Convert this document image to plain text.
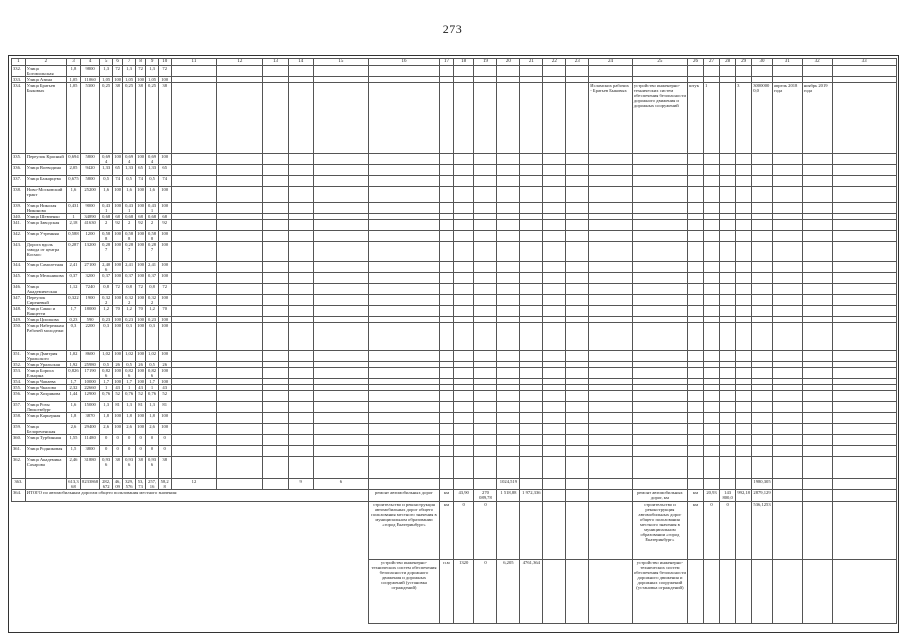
273
1	2	3	4	5	6	7	8	9	10	11	12	13	14	15	16	17	18	19	20	21	22	23	24	25	26	27	28	29	30	31	32	33
332.	Улица Богомольская	1,8	9800	1,3	72	1,3	72	1,3	72																							
333.	Улица Азина	1,05	11060	1,05	100	1,05	100	1,05	100																							
334.	Улица Братьев Быковых	1,05	5300	0,25	38	0,25	38	0,25	38														Исламских рабочих - Братьев Быковых	устройство инженерно-технических систем обеспечения безопасности дорожного движения и дорожных сооружений	штук	1		3	30000000,0	апрель 2018 года	ноябрь 2019 года	
335.	Переулок Красный	0,694	5800	0,694	100	0,694	100	0,694	100																							
336.	Улица Воеводина	2,05	9420	1,33	65	1,33	65	1,33	65																							
337.	Улица Бажарцева	0,675	5800	0,5	74	0,5	74	0,5	74																							
338.	Ново-Московский тракт	1,6	25200	1,6	100	1,6	100	1,6	100																							
339.	Улица Николая Никонова	0,431	9000	0,431	100	0,431	100	0,431	100																							
340.	Улица Шевченко	1	34890	0,68	68	0,68	68	0,68	68																							
341.	Улица Заводская	2,18	41630	2	92	2	92	2	92																							
342.	Улица Утренняя	0,588	1200	0,588	100	0,588	100	0,588	100																							
343.	Дорога вдоль завода от центра Космос	0,287	13200	0,287	100	0,287	100	0,287	100																							
344.	Улица Самолетная	2,41	27100	2,406	100	2,41	100	2,41	100																							
345.	Улица Мельникова	0,37	3200	0,37	100	0,37	100	0,37	100																							
346.	Улица Академическая	1,12	7240	0,8	72	0,8	72	0,8	72																							
347.	Переулок Сиреневый	0,322	1900	0,322	100	0,322	100	0,322	100																							
348.	Улица Сакко и Ванцетти	1,7	18000	1,2	70	1,2	70	1,2	70																							
349.	Улица Циолкова	0,23	590	0,23	100	0,23	100	0,23	100																							
350.	Улица Набережная Рабочей молодежи	0,3	2200	0,3	100	0,3	100	0,3	100																							
351.	Улица Дмитрия Уральского	1,02	8600	1,02	100	1,02	100	1,02	100																							
352.	Улица Уральская	1,92	25980	0,5	26	0,5	26	0,5	26																							
353.	Улица Бориса Ельцина	0,826	17190	0,826	100	0,826	100	0,826	100																							
354.	Улица Чапаева	1,7	10000	1,7	100	1,7	100	1,7	100																							
355.	Улица Чкалова	2,32	22660	1	43	1	43	1	43																							
356.	Улица Хохрякова	1,44	12900	0,76	52	0,76	52	0,76	52																							
357.	Улица Розы Люксембург	1,6	15000	1,3	81	1,3	81	1,3	81																							
358.	Улица Карьерная	1,8	3870	1,8	100	1,8	100	1,8	100																							
359.	Улица Белореченская	2,6	29400	2,6	100	2,6	100	2,6	100																							
360.	Улица Турбинная	1,55	11480	0	0	0	0	0	0																							
361.	Улица Родниковая	1,5	3800	0	0	0	0	0	0																							
362.	Улица Академика Сахарова	2,46	31880	0,936	38	0,936	38	0,936	38																							
363.		613,368	8233868	282,672	46,09	329,576	53,73	257,16	58,28	12			9	6					1024,519										1980,305			
364.	ИТОГО по автомобильным дорогам общего пользования местного значения:														ремонт автомобильных дорог	км	43,90	270 089,78	1 518,88	1 972,336				ремонт автомобильных дорог, км	км	20,93	143 800,0	992,18	2879,129			
															строительство и реконструкция автомобильных дорог общего пользования местного значения в муниципальном образовании «город Екатеринбург»	км	0	0						строительство и реконструкция автомобильных дорог общего пользования местного значения в муниципальном образовании «город Екатеринбург»	км	0	0		536,1253			
															устройство инженерно-технических систем обеспечения безопасности дорожного движения и дорожных сооружений (установка ограждений)	п.м	1320	0	6,205	4761,364				устройство инженерно-технических систем обеспечения безопасности дорожного движения и дорожных сооружений (установка ограждений)								
